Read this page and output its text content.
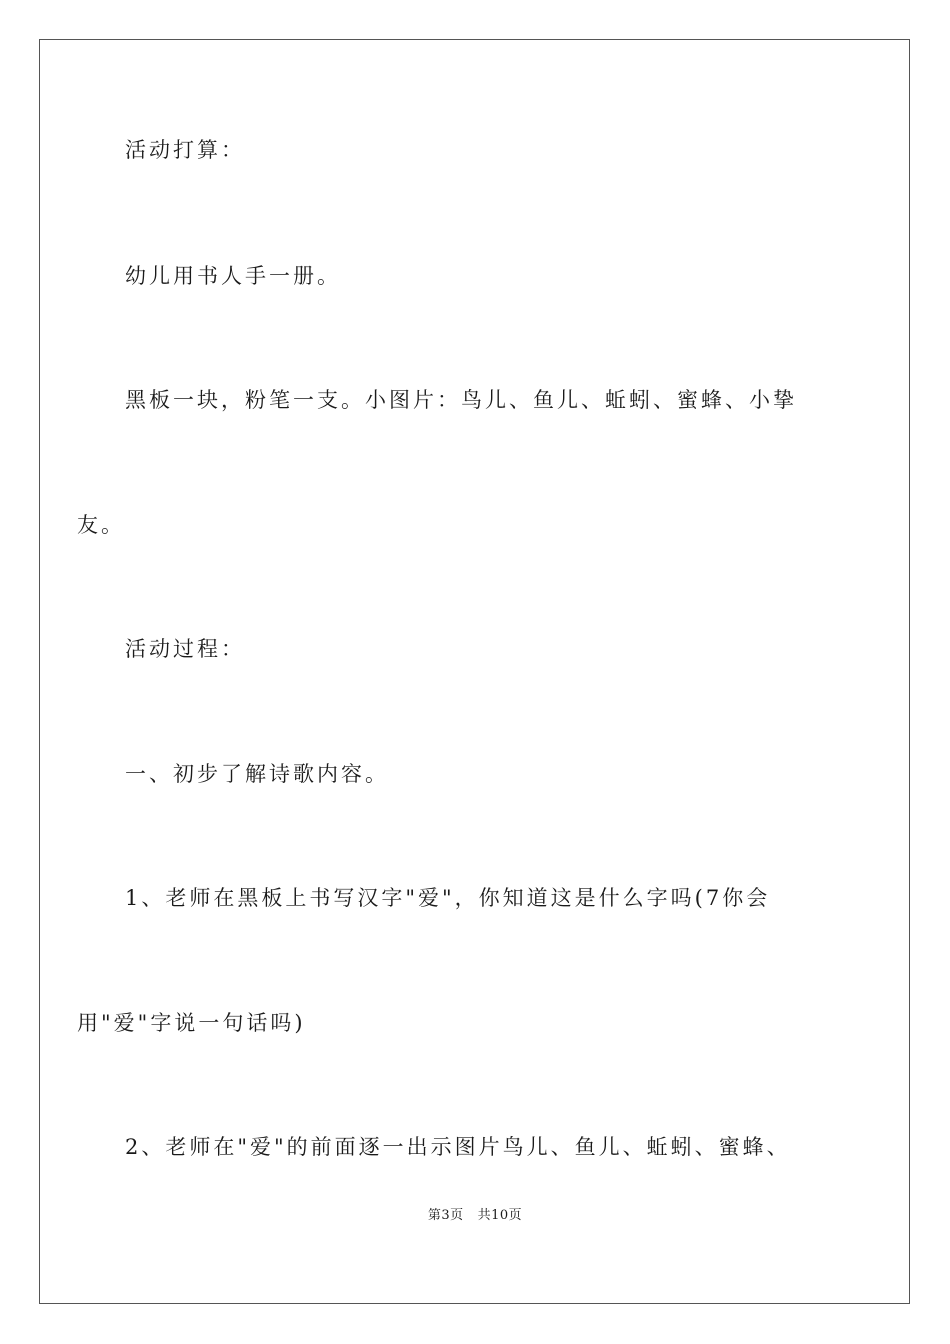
活动打算：
幼儿用书人手一册。
黑板一块，粉笔一支。小图片：鸟儿、鱼儿、蚯蚓、蜜蜂、小挚
友。
活动过程：
一、初步了解诗歌内容。
1、老师在黑板上书写汉字"爱"，你知道这是什么字吗(7你会
用"爱"字说一句话吗)
2、老师在"爱"的前面逐一出示图片鸟儿、鱼儿、蚯蚓、蜜蜂、
第3页 共10页
